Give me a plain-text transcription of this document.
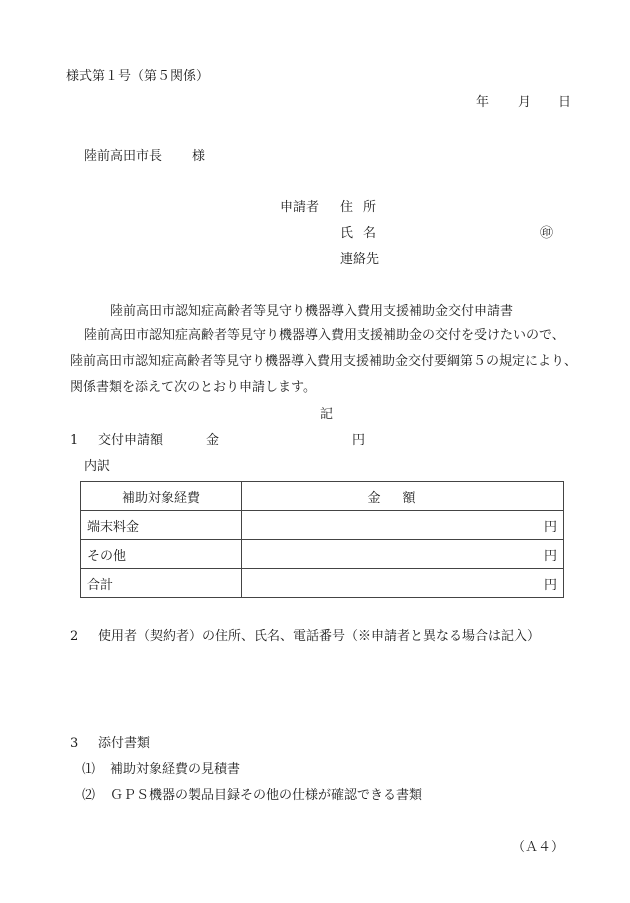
様式第１号（第５関係）
年 月 日
陸前高田市長 様
申請者 住所
氏名	㊞
連絡先
陸前高田市認知症高齢者等見守り機器導入費用支援補助金交付申請書
陸前高田市認知症高齢者等見守り機器導入費用支援補助金の交付を受けたいので、
陸前高田市認知症高齢者等見守り機器導入費用支援補助金交付要綱第５の規定により、
関係書類を添えて次のとおり申請します。
記
1 交付申請額	金	円
内訳
補助対象経費	金額
端末料金	円
その他	円
合計	円
2 使用者（契約者）の住所、氏名、電話番号（※申請者と異なる場合は記入）
3 添付書類
⑴ 補助対象経費の見積書
⑵ ＧＰＳ機器の製品目録その他の仕様が確認できる書類
（Ａ４）
